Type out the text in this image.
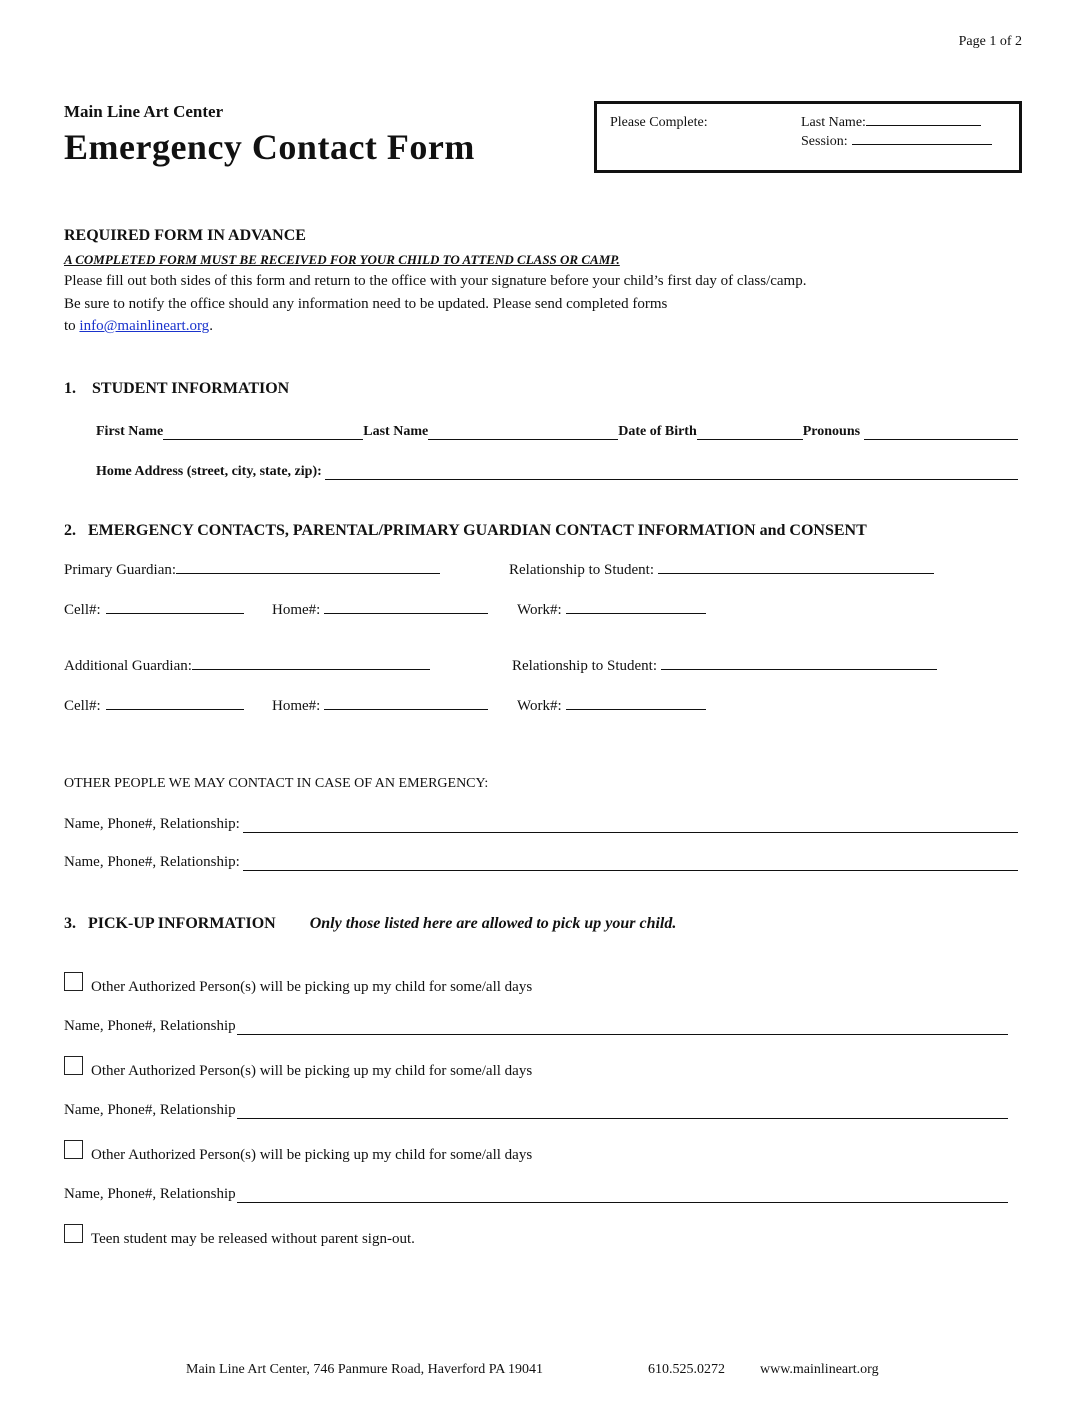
Page 1 of 2
Main Line Art Center
Emergency Contact Form
Please Complete:	Last Name:
Session:
REQUIRED FORM IN ADVANCE
A COMPLETED FORM MUST BE RECEIVED FOR YOUR CHILD TO ATTEND CLASS OR CAMP.
Please fill out both sides of this form and return to the office with your signature before your child’s first day of class/camp.
Be sure to notify the office should any information need to be updated. Please send completed forms
to info@mainlineart.org.
1.    STUDENT INFORMATION
First Name	Last Name	Date of Birth	Pronouns
Home Address (street, city, state, zip):
2.   EMERGENCY CONTACTS, PARENTAL/PRIMARY GUARDIAN CONTACT INFORMATION and CONSENT
Primary Guardian:	Relationship to Student:
Cell#:	Home#:	Work#:
Additional Guardian:	Relationship to Student:
Cell#:	Home#:	Work#:
OTHER PEOPLE WE MAY CONTACT IN CASE OF AN EMERGENCY:
Name, Phone#, Relationship:
Name, Phone#, Relationship:
3.   PICK-UP INFORMATION Only those listed here are allowed to pick up your child.
Other Authorized Person(s) will be picking up my child for some/all days
Name, Phone#, Relationship
Other Authorized Person(s) will be picking up my child for some/all days
Name, Phone#, Relationship
Other Authorized Person(s) will be picking up my child for some/all days
Name, Phone#, Relationship
Teen student may be released without parent sign-out.
Main Line Art Center, 746 Panmure Road, Haverford PA 19041	610.525.0272	www.mainlineart.org
